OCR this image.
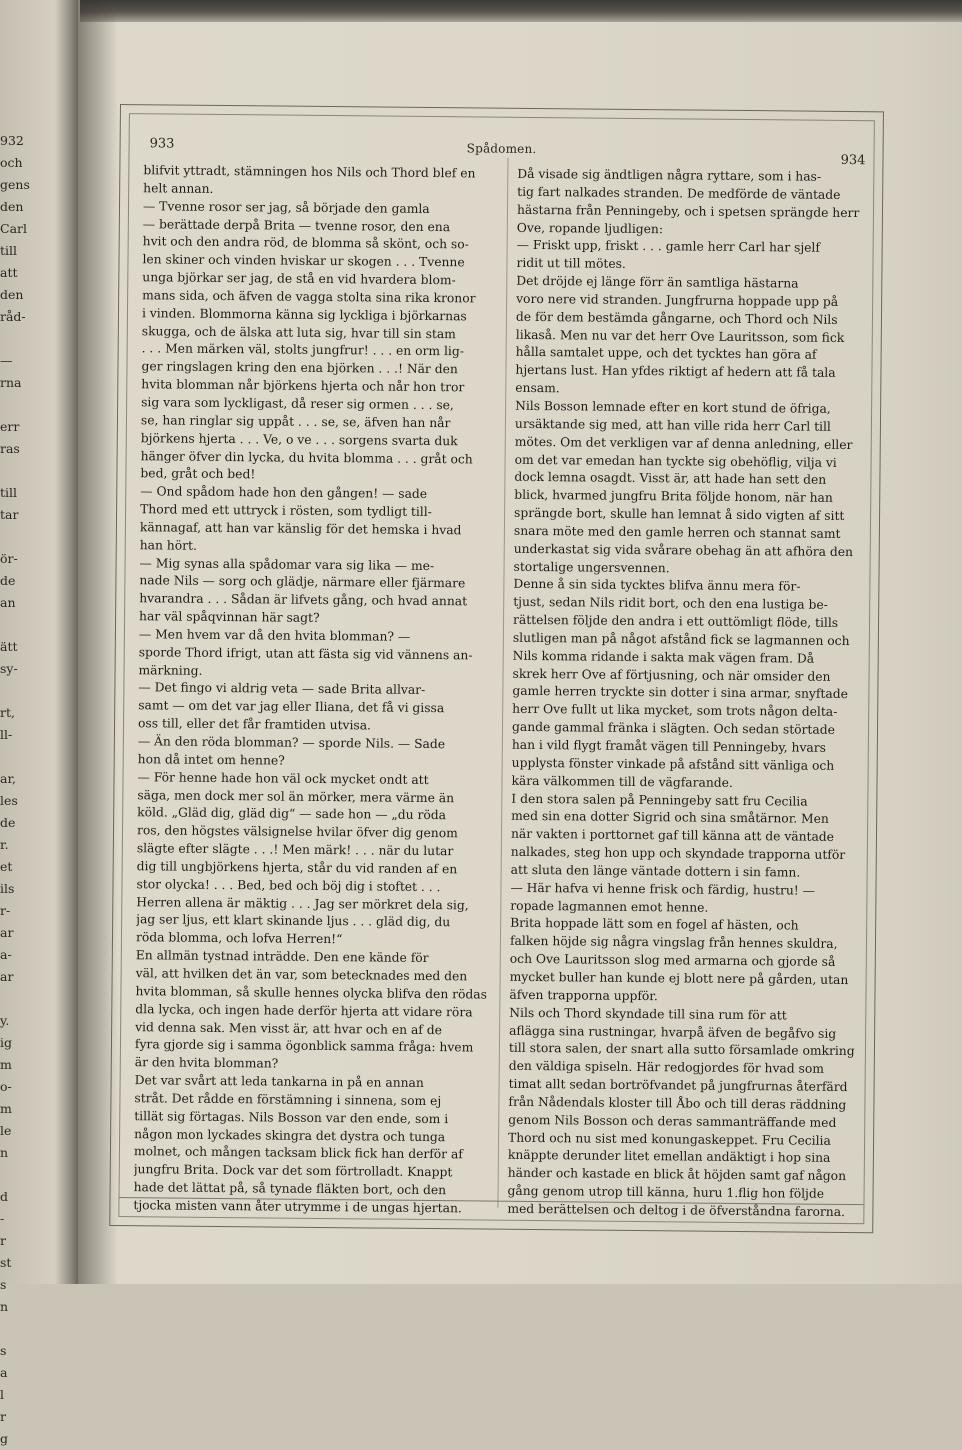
932
och
gens
den
Carl
till
att
den
råd-
—
rna
err
ras
till
tar
ör-
de
an
ätt
sy-
rt,
ll-
ar,
les
de
r.
et
ils
r-
ar
a-
ar
y.
ig
m
o-
m
le
n
d
-
r
st
s
n
s
a
l
r
g
933	Spådomen.
934
blifvit yttradt, stämningen hos Nils och Thord blef en
helt annan.
— Tvenne rosor ser jag, så började den gamla
— berättade derpå Brita — tvenne rosor, den ena
hvit och den andra röd, de blomma så skönt, och so-
len skiner och vinden hviskar ur skogen . . . Tvenne
unga björkar ser jag, de stå en vid hvardera blom-
mans sida, och äfven de vagga stolta sina rika kronor
i vinden. Blommorna känna sig lyckliga i björkarnas
skugga, och de älska att luta sig, hvar till sin stam
. . . Men märken väl, stolts jungfrur! . . . en orm lig-
ger ringslagen kring den ena björken . . .! När den
hvita blomman når björkens hjerta och når hon tror
sig vara som lyckligast, då reser sig ormen . . . se,
se, han ringlar sig uppåt . . . se, se, äfven han når
björkens hjerta . . . Ve, o ve . . . sorgens svarta duk
hänger öfver din lycka, du hvita blomma . . . gråt och
bed, gråt och bed!
— Ond spådom hade hon den gången! — sade
Thord med ett uttryck i rösten, som tydligt till-
kännagaf, att han var känslig för det hemska i hvad
han hört.
— Mig synas alla spådomar vara sig lika — me-
nade Nils — sorg och glädje, närmare eller fjärmare
hvarandra . . . Sådan är lifvets gång, och hvad annat
har väl spåqvinnan här sagt?
— Men hvem var då den hvita blomman? —
sporde Thord ifrigt, utan att fästa sig vid vännens an-
märkning.
— Det fingo vi aldrig veta — sade Brita allvar-
samt — om det var jag eller Iliana, det få vi gissa
oss till, eller det får framtiden utvisa.
— Än den röda blomman? — sporde Nils. — Sade
hon då intet om henne?
— För henne hade hon väl ock mycket ondt att
säga, men dock mer sol än mörker, mera värme än
köld. „Gläd dig, gläd dig“ — sade hon — „du röda
ros, den högstes välsignelse hvilar öfver dig genom
slägte efter slägte . . .! Men märk! . . . när du lutar
dig till ungbjörkens hjerta, står du vid randen af en
stor olycka! . . . Bed, bed och böj dig i stoftet . . .
Herren allena är mäktig . . . Jag ser mörkret dela sig,
jag ser ljus, ett klart skinande ljus . . . gläd dig, du
röda blomma, och lofva Herren!“
En allmän tystnad inträdde. Den ene kände för
väl, att hvilken det än var, som betecknades med den
hvita blomman, så skulle hennes olycka blifva den rödas
dla lycka, och ingen hade derför hjerta att vidare röra
vid denna sak. Men visst är, att hvar och en af de
fyra gjorde sig i samma ögonblick samma fråga: hvem
är den hvita blomman?
Det var svårt att leda tankarna in på en annan
stråt. Det rådde en förstämning i sinnena, som ej
tillät sig förtagas. Nils Bosson var den ende, som i
någon mon lyckades skingra det dystra och tunga
molnet, och mången tacksam blick fick han derför af
jungfru Brita. Dock var det som förtrolladt. Knappt
hade det lättat på, så tynade fläkten bort, och den
tjocka misten vann åter utrymme i de ungas hjertan.
Då visade sig ändtligen några ryttare, som i has-
tig fart nalkades stranden. De medförde de väntade
hästarna från Penningeby, och i spetsen sprängde herr
Ove, ropande ljudligen:
— Friskt upp, friskt . . . gamle herr Carl har sjelf
ridit ut till mötes.
Det dröjde ej länge förr än samtliga hästarna
voro nere vid stranden. Jungfrurna hoppade upp på
de för dem bestämda gångarne, och Thord och Nils
likaså. Men nu var det herr Ove Lauritsson, som fick
hålla samtalet uppe, och det tycktes han göra af
hjertans lust. Han yfdes riktigt af hedern att få tala
ensam.
Nils Bosson lemnade efter en kort stund de öfriga,
ursäktande sig med, att han ville rida herr Carl till
mötes. Om det verkligen var af denna anledning, eller
om det var emedan han tyckte sig obehöflig, vilja vi
dock lemna osagdt. Visst är, att hade han sett den
blick, hvarmed jungfru Brita följde honom, när han
sprängde bort, skulle han lemnat å sido vigten af sitt
snara möte med den gamle herren och stannat samt
underkastat sig vida svårare obehag än att afhöra den
stortalige ungersvennen.
Denne å sin sida tycktes blifva ännu mera för-
tjust, sedan Nils ridit bort, och den ena lustiga be-
rättelsen följde den andra i ett outtömligt flöde, tills
slutligen man på något afstånd fick se lagmannen och
Nils komma ridande i sakta mak vägen fram. Då
skrek herr Ove af förtjusning, och när omsider den
gamle herren tryckte sin dotter i sina armar, snyftade
herr Ove fullt ut lika mycket, som trots någon delta-
gande gammal fränka i slägten. Och sedan störtade
han i vild flygt framåt vägen till Penningeby, hvars
upplysta fönster vinkade på afstånd sitt vänliga och
kära välkommen till de vägfarande.
I den stora salen på Penningeby satt fru Cecilia
med sin ena dotter Sigrid och sina småtärnor. Men
när vakten i porttornet gaf till känna att de väntade
nalkades, steg hon upp och skyndade trapporna utför
att sluta den länge väntade dottern i sin famn.
— Här hafva vi henne frisk och färdig, hustru! —
ropade lagmannen emot henne.
Brita hoppade lätt som en fogel af hästen, och
falken höjde sig några vingslag från hennes skuldra,
och Ove Lauritsson slog med armarna och gjorde så
mycket buller han kunde ej blott nere på gården, utan
äfven trapporna uppför.
Nils och Thord skyndade till sina rum för att
aflägga sina rustningar, hvarpå äfven de begåfvo sig
till stora salen, der snart alla sutto församlade omkring
den väldiga spiseln. Här redogjordes för hvad som
timat allt sedan bortröfvandet på jungfrurnas återfärd
från Nådendals kloster till Åbo och till deras räddning
genom Nils Bosson och deras sammanträffande med
Thord och nu sist med konungaskeppet. Fru Cecilia
knäppte derunder litet emellan andäktigt i hop sina
händer och kastade en blick åt höjden samt gaf någon
gång genom utrop till känna, huru 1.flig hon följde
med berättelsen och deltog i de öfverståndna farorna.
